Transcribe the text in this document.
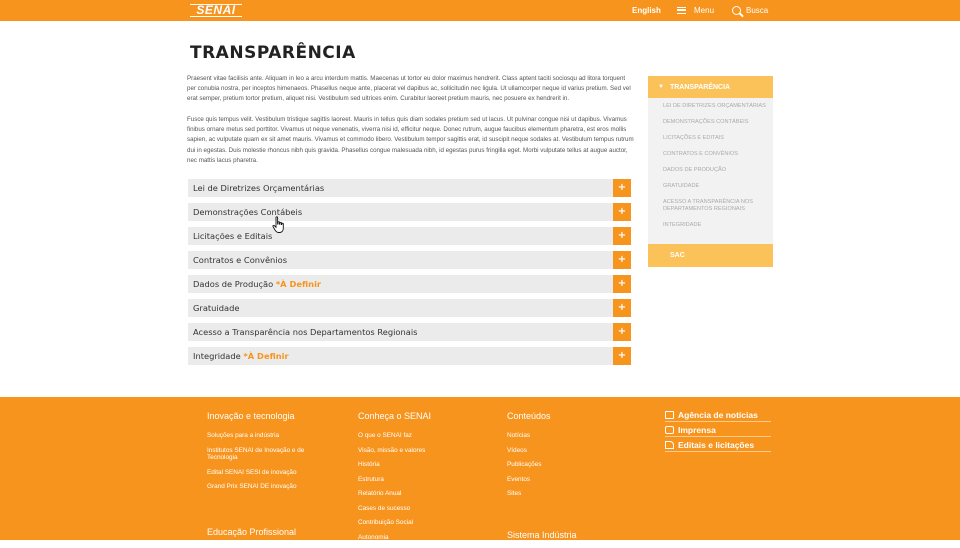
SENAI	English	Menu	Busca
TRANSPARÊNCIA

Praesent vitae facilisis ante. Aliquam in leo a arcu interdum mattis. Maecenas ut tortor eu dolor maximus hendrerit. Class aptent taciti sociosqu ad litora torquent per conubia nostra, per inceptos himenaeos. Phasellus neque ante, placerat vel dapibus ac, sollicitudin nec ligula. Ut ullamcorper neque id varius pretium. Sed vel erat semper, pretium tortor pretium, aliquet nisi. Vestibulum sed ultrices enim. Curabitur laoreet pretium mauris, nec posuere ex hendrerit in.

Fusce quis tempus velit. Vestibulum tristique sagittis laoreet. Mauris in tellus quis diam sodales pretium sed ut lacus. Ut pulvinar congue nisi ut dapibus. Vivamus finibus ornare metus sed porttitor. Vivamus ut neque venenatis, viverra nisi id, efficitur neque. Donec rutrum, augue faucibus elementum pharetra, est eros mollis sapien, ac vulputate quam ex sit amet mauris. Vivamus et commodo libero. Vestibulum tempor sagittis erat, id suscipit neque sodales at. Vestibulum tempus rutrum dui in egestas. Duis molestie rhoncus nibh quis gravida. Phasellus congue malesuada nibh, id egestas purus fringilla eget. Morbi vulputate tellus at augue auctor, nec mattis lacus pharetra.

Lei de Diretrizes Orçamentárias	+
Demonstrações Contábeis	+
Licitações e Editais	+
Contratos e Convênios	+
Dados de Produção *À Definir	+
Gratuidade	+
Acesso a Transparência nos Departamentos Regionais	+
Integridade *À Definir	+
▼ TRANSPARÊNCIA
LEI DE DIRETRIZES ORÇAMENTÁRIAS
DEMONSTRAÇÕES CONTÁBEIS
LICITAÇÕES E EDITAIS
CONTRATOS E CONVÊNIOS
DADOS DE PRODUÇÃO
GRATUIDADE
ACESSO A TRANSPARÊNCIA NOS DEPARTAMENTOS REGIONAIS
INTEGRIDADE
SAC
Inovação e tecnologia
Soluções para a indústria
Institutos SENAI de Inovação e de Tecnologia
Edital SENAI SESI de inovação
Grand Prix SENAI DE inovação
Educação Profissional
Conheça o SENAI
O que o SENAI faz
Visão, missão e valores
História
Estrutura
Relatório Anual
Cases de sucesso
Contribuição Social
Autonomia
Conteúdos
Notícias
Vídeos
Publicações
Eventos
Sites
Sistema Indústria
Agência de notícias
Imprensa
Editais e licitações
